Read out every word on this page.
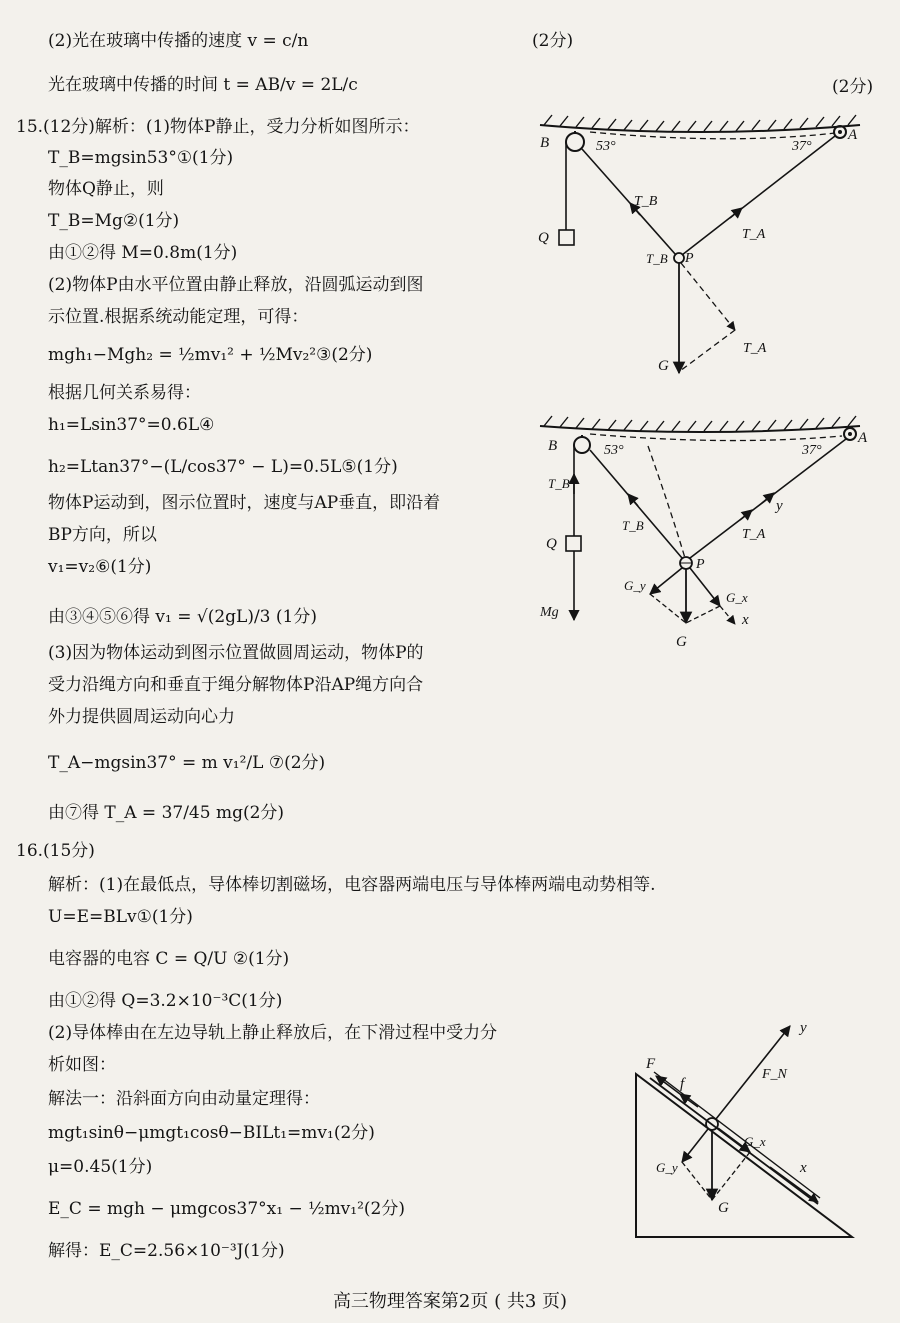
(2)光在玻璃中传播的速度 v = c/n	(2分)
光在玻璃中传播的时间 t = AB/v = 2L/c	(2分)
15.(12分)解析：(1)物体P静止，受力分析如图所示：
T_B=mgsin53°①(1分)
物体Q静止，则
T_B=Mg②(1分)
由①②得 M=0.8m(1分)
(2)物体P由水平位置由静止释放，沿圆弧运动到图
示位置.根据系统动能定理，可得：
mgh₁−Mgh₂ = ½mv₁² + ½Mv₂²③(2分)
根据几何关系易得：
h₁=Lsin37°=0.6L④
h₂=Ltan37°−(L/cos37° − L)=0.5L⑤(1分)
物体P运动到，图示位置时，速度与AP垂直，即沿着
BP方向，所以
v₁=v₂⑥(1分)
由③④⑤⑥得 v₁ = √(2gL)/3 (1分)
(3)因为物体运动到图示位置做圆周运动，物体P的
受力沿绳方向和垂直于绳分解物体P沿AP绳方向合
外力提供圆周运动向心力
T_A−mgsin37° = m v₁²/L ⑦(2分)
由⑦得 T_A = 37/45 mg(2分)
16.(15分)
解析：(1)在最低点，导体棒切割磁场，电容器两端电压与导体棒两端电动势相等.
U=E=BLv①(1分)
电容器的电容 C = Q/U ②(1分)
由①②得 Q=3.2×10⁻³C(1分)
(2)导体棒由在左边导轨上静止释放后，在下滑过程中受力分
析如图：
解法一：沿斜面方向由动量定理得：
mgt₁sinθ−μmgt₁cosθ−BILt₁=mv₁(2分)
μ=0.45(1分)
E_C = mgh − μmgcos37°x₁ − ½mv₁²(2分)
解得：E_C=2.56×10⁻³J(1分)
B	53°	37°
A
T_B
T_A
T_B P
Q
T_A
G
B	53°	37°
A
T_B
T_B
T_A
y
Q
Mg
P
G_y
G_x
x
G
F
f
F_N
y
G_x
G_y
G
x
高三物理答案第2页 ( 共3 页)
